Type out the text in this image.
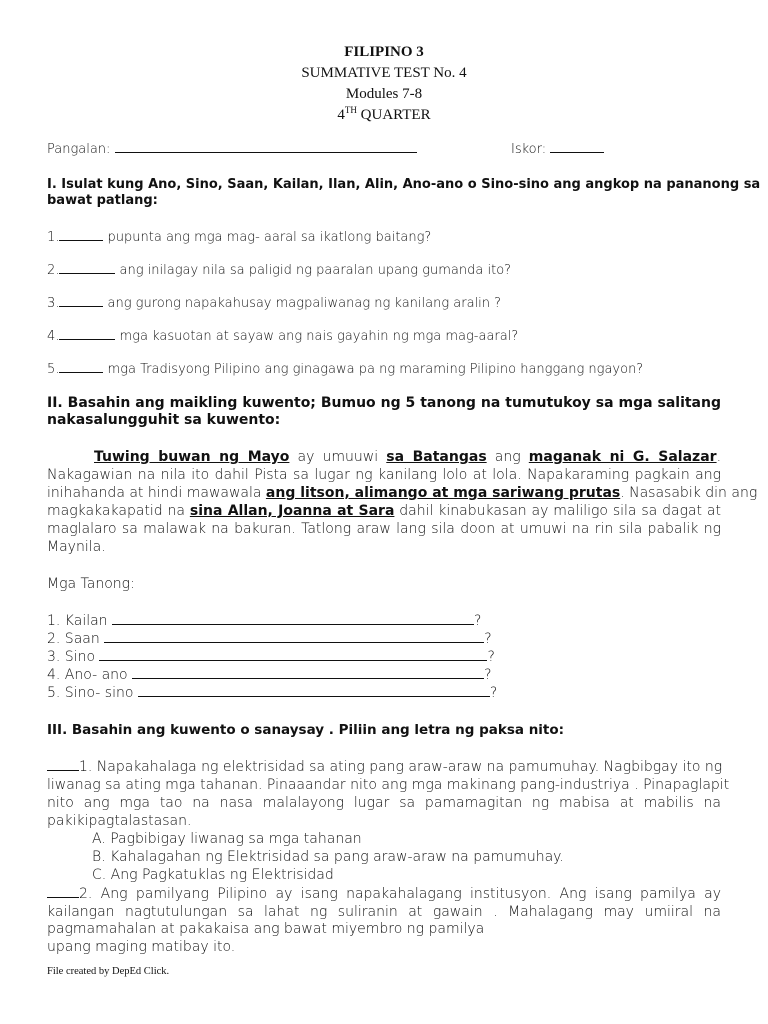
FILIPINO 3
SUMMATIVE TEST No. 4
Modules 7-8
4TH QUARTER
Pangalan:	Iskor:
I. Isulat kung Ano, Sino, Saan, Kailan, Ilan, Alin, Ano-ano o Sino-sino ang angkop na pananong sa
bawat patlang:
1.	pupunta ang mga mag- aaral sa ikatlong baitang?
2.	ang inilagay nila sa paligid ng paaralan upang gumanda ito?
3.	ang gurong napakahusay magpaliwanag ng kanilang aralin ?
4.	mga kasuotan at sayaw ang nais gayahin ng mga mag-aaral?
5.	mga Tradisyong Pilipino ang ginagawa pa ng maraming Pilipino hanggang ngayon?
II. Basahin ang maikling kuwento; Bumuo ng 5 tanong na tumutukoy sa mga salitang
nakasalungguhit sa kuwento:
Tuwing buwan ng Mayo ay umuuwi sa Batangas ang maganak ni G. Salazar.
Nakagawian na nila ito dahil Pista sa lugar ng kanilang lolo at lola. Napakaraming pagkain ang
inihahanda at hindi mawawala ang litson, alimango at mga sariwang prutas. Nasasabik din ang
magkakakapatid na sina Allan, Joanna at Sara dahil kinabukasan ay maliligo sila sa dagat at
maglalaro sa malawak na bakuran. Tatlong araw lang sila doon at umuwi na rin sila pabalik ng
Maynila.
Mga Tanong:
1. Kailan	?
2. Saan	?
3. Sino	?
4. Ano- ano	?
5. Sino- sino	?
III. Basahin ang kuwento o sanaysay . Piliin ang letra ng paksa nito:
1. Napakahalaga ng elektrisidad sa ating pang araw-araw na pamumuhay. Nagbibgay ito ng
liwanag sa ating mga tahanan. Pinaaandar nito ang mga makinang pang-industriya . Pinapaglapit
nito ang mga tao na nasa malalayong lugar sa pamamagitan ng mabisa at mabilis na
pakikipagtalastasan.
A. Pagbibigay liwanag sa mga tahanan
B. Kahalagahan ng Elektrisidad sa pang araw-araw na pamumuhay.
C. Ang Pagkatuklas ng Elektrisidad
2. Ang pamilyang Pilipino ay isang napakahalagang institusyon. Ang isang pamilya ay
kailangan nagtutulungan sa lahat ng suliranin at gawain . Mahalagang may umiiral na
pagmamahalan at pakakaisa ang bawat miyembro ng pamilya
upang maging matibay ito.
File created by DepEd Click.
